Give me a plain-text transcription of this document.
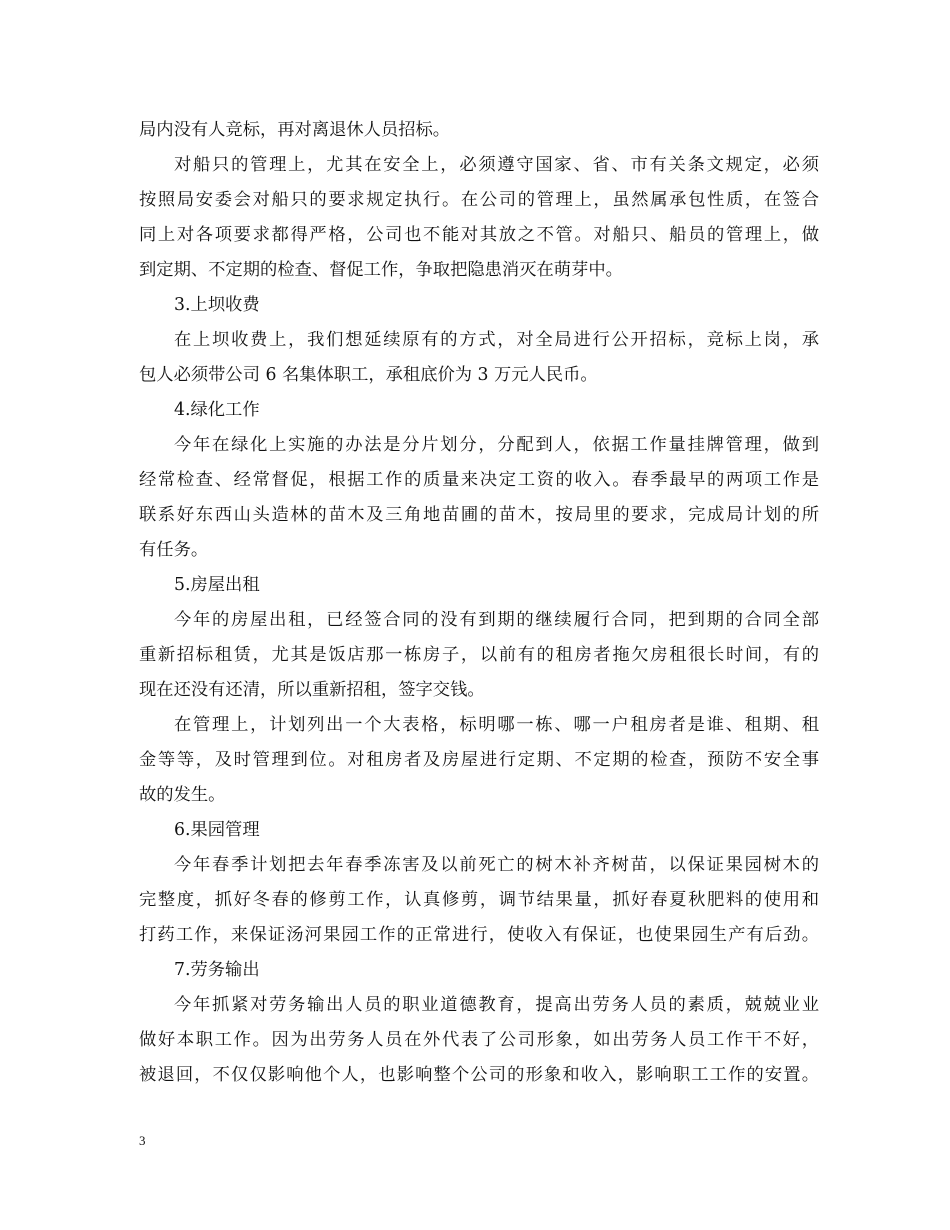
局内没有人竞标，再对离退休人员招标。
对船只的管理上，尤其在安全上，必须遵守国家、省、市有关条文规定，必须
按照局安委会对船只的要求规定执行。在公司的管理上，虽然属承包性质，在签合
同上对各项要求都得严格，公司也不能对其放之不管。对船只、船员的管理上，做
到定期、不定期的检查、督促工作，争取把隐患消灭在萌芽中。
3.上坝收费
在上坝收费上，我们想延续原有的方式，对全局进行公开招标，竞标上岗，承
包人必须带公司 6 名集体职工，承租底价为 3 万元人民币。
4.绿化工作
今年在绿化上实施的办法是分片划分，分配到人，依据工作量挂牌管理，做到
经常检查、经常督促，根据工作的质量来决定工资的收入。春季最早的两项工作是
联系好东西山头造林的苗木及三角地苗圃的苗木，按局里的要求，完成局计划的所
有任务。
5.房屋出租
今年的房屋出租，已经签合同的没有到期的继续履行合同，把到期的合同全部
重新招标租赁，尤其是饭店那一栋房子，以前有的租房者拖欠房租很长时间，有的
现在还没有还清，所以重新招租，签字交钱。
在管理上，计划列出一个大表格，标明哪一栋、哪一户租房者是谁、租期、租
金等等，及时管理到位。对租房者及房屋进行定期、不定期的检查，预防不安全事
故的发生。
6.果园管理
今年春季计划把去年春季冻害及以前死亡的树木补齐树苗，以保证果园树木的
完整度，抓好冬春的修剪工作，认真修剪，调节结果量，抓好春夏秋肥料的使用和
打药工作，来保证汤河果园工作的正常进行，使收入有保证，也使果园生产有后劲。
7.劳务输出
今年抓紧对劳务输出人员的职业道德教育，提高出劳务人员的素质，兢兢业业
做好本职工作。因为出劳务人员在外代表了公司形象，如出劳务人员工作干不好，
被退回，不仅仅影响他个人，也影响整个公司的形象和收入，影响职工工作的安置。
3
